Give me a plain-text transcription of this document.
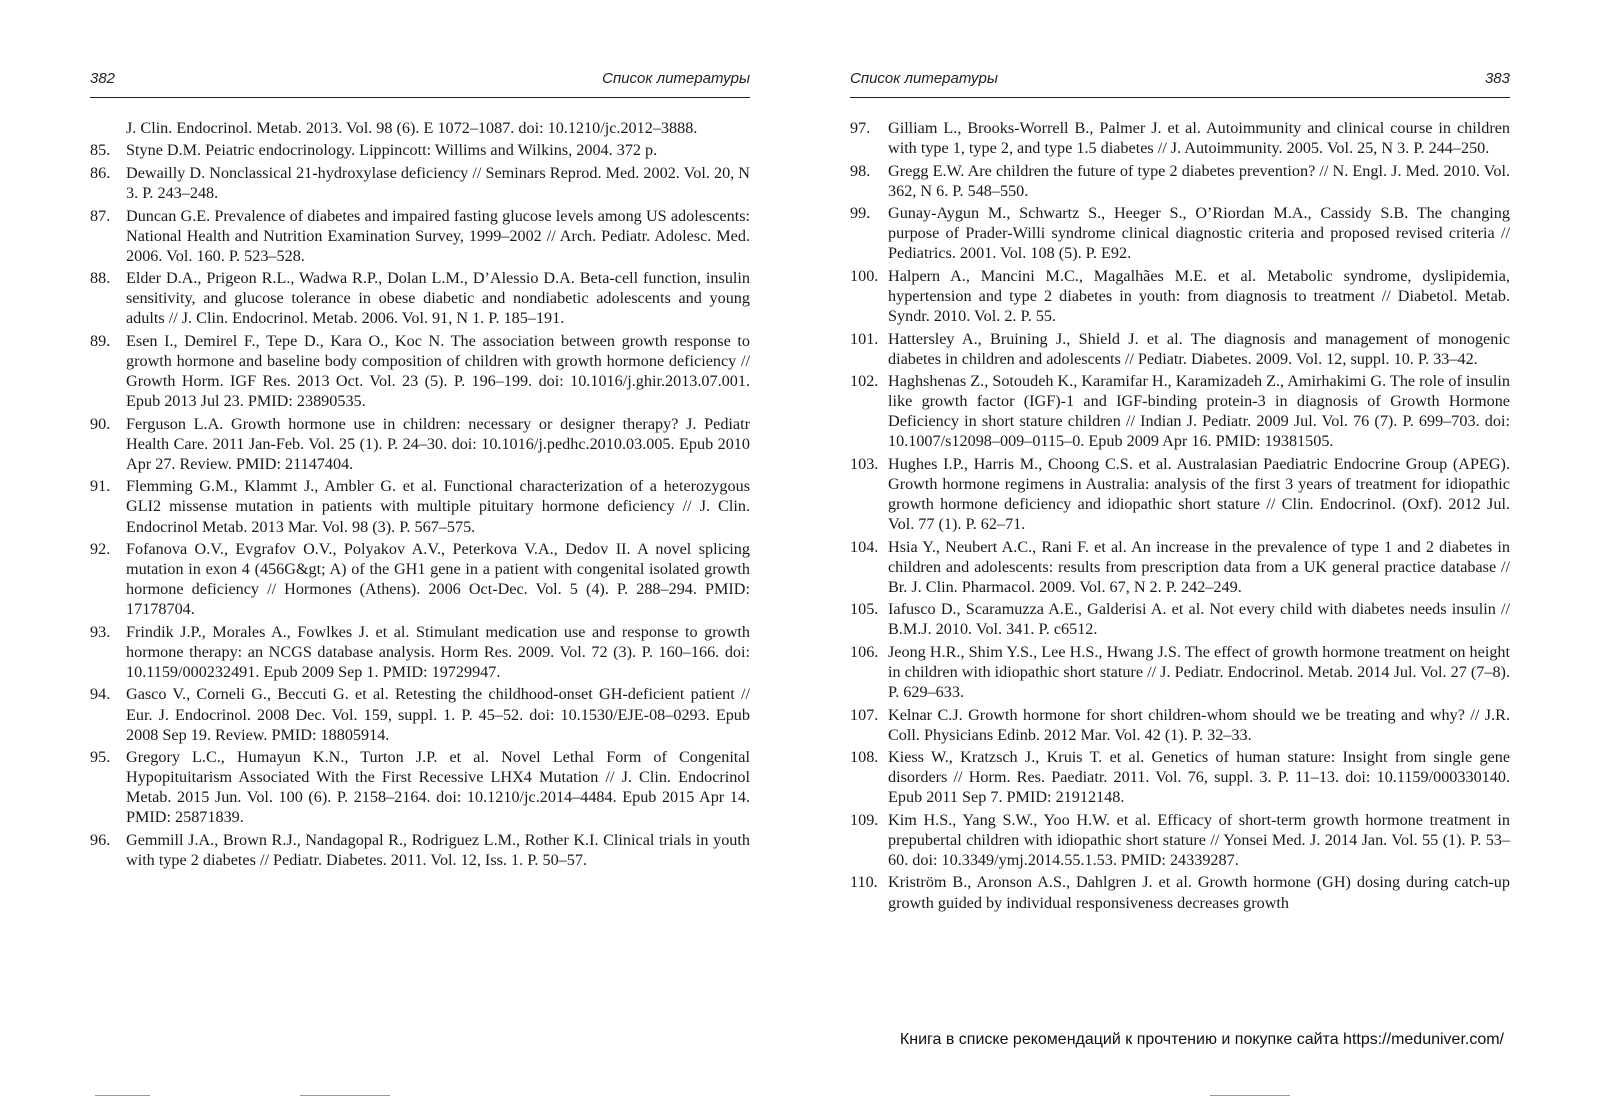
382	Список литературы
J. Clin. Endocrinol. Metab. 2013. Vol. 98 (6). E 1072–1087. doi: 10.1210/jc.2012–3888.
85. Styne D.M. Peiatric endocrinology. Lippincott: Willims and Wilkins, 2004. 372 p.
86. Dewailly D. Nonclassical 21-hydroxylase deficiency // Seminars Reprod. Med. 2002. Vol. 20, N 3. P. 243–248.
87. Duncan G.E. Prevalence of diabetes and impaired fasting glucose levels among US adolescents: National Health and Nutrition Examination Survey, 1999–2002 // Arch. Pediatr. Adolesc. Med. 2006. Vol. 160. P. 523–528.
88. Elder D.A., Prigeon R.L., Wadwa R.P., Dolan L.M., D’Alessio D.A. Beta-cell function, insulin sensitivity, and glucose tolerance in obese diabetic and nondiabetic adolescents and young adults // J. Clin. Endocrinol. Metab. 2006. Vol. 91, N 1. P. 185–191.
89. Esen I., Demirel F., Tepe D., Kara O., Koc N. The association between growth response to growth hormone and baseline body composition of children with growth hormone deficiency // Growth Horm. IGF Res. 2013 Oct. Vol. 23 (5). P. 196–199. doi: 10.1016/j.ghir.2013.07.001. Epub 2013 Jul 23. PMID: 23890535.
90. Ferguson L.A. Growth hormone use in children: necessary or designer therapy? J. Pediatr Health Care. 2011 Jan-Feb. Vol. 25 (1). P. 24–30. doi: 10.1016/j.pedhc.2010.03.005. Epub 2010 Apr 27. Review. PMID: 21147404.
91. Flemming G.M., Klammt J., Ambler G. et al. Functional characterization of a heterozygous GLI2 missense mutation in patients with multiple pituitary hormone deficiency // J. Clin. Endocrinol Metab. 2013 Mar. Vol. 98 (3). P. 567–575.
92. Fofanova O.V., Evgrafov O.V., Polyakov A.V., Peterkova V.A., Dedov II. A novel splicing mutation in exon 4 (456G&gt; A) of the GH1 gene in a patient with congenital isolated growth hormone deficiency // Hormones (Athens). 2006 Oct-Dec. Vol. 5 (4). P. 288–294. PMID: 17178704.
93. Frindik J.P., Morales A., Fowlkes J. et al. Stimulant medication use and response to growth hormone therapy: an NCGS database analysis. Horm Res. 2009. Vol. 72 (3). P. 160–166. doi: 10.1159/000232491. Epub 2009 Sep 1. PMID: 19729947.
94. Gasco V., Corneli G., Beccuti G. et al. Retesting the childhood-onset GH-deficient patient // Eur. J. Endocrinol. 2008 Dec. Vol. 159, suppl. 1. P. 45–52. doi: 10.1530/EJE-08–0293. Epub 2008 Sep 19. Review. PMID: 18805914.
95. Gregory L.C., Humayun K.N., Turton J.P. et al. Novel Lethal Form of Congenital Hypopituitarism Associated With the First Recessive LHX4 Mutation // J. Clin. Endocrinol Metab. 2015 Jun. Vol. 100 (6). P. 2158–2164. doi: 10.1210/jc.2014–4484. Epub 2015 Apr 14. PMID: 25871839.
96. Gemmill J.A., Brown R.J., Nandagopal R., Rodriguez L.M., Rother K.I. Clinical trials in youth with type 2 diabetes // Pediatr. Diabetes. 2011. Vol. 12, Iss. 1. P. 50–57.
Список литературы	383
97.	Gilliam L., Brooks-Worrell B., Palmer J. et al. Autoimmunity and clinical course in children with type 1, type 2, and type 1.5 diabetes // J. Autoimmunity. 2005. Vol. 25, N 3. P. 244–250.
98.	Gregg E.W. Are children the future of type 2 diabetes prevention? // N. Engl. J. Med. 2010. Vol. 362, N 6. P. 548–550.
99.	Gunay-Aygun M., Schwartz S., Heeger S., O’Riordan M.A., Cassidy S.B. The changing purpose of Prader-Willi syndrome clinical diagnostic criteria and proposed revised criteria // Pediatrics. 2001. Vol. 108 (5). P. E92.
100. Halpern A., Mancini M.C., Magalhães M.E. et al. Metabolic syndrome, dyslipidemia, hypertension and type 2 diabetes in youth: from diagnosis to treatment // Diabetol. Metab. Syndr. 2010. Vol. 2. P. 55.
101. Hattersley A., Bruining J., Shield J. et al. The diagnosis and management of monogenic diabetes in children and adolescents // Pediatr. Diabetes. 2009. Vol. 12, suppl. 10. P. 33–42.
102. Haghshenas Z., Sotoudeh K., Karamifar H., Karamizadeh Z., Amirhakimi G. The role of insulin like growth factor (IGF)-1 and IGF-binding protein-3 in diagnosis of Growth Hormone Deficiency in short stature children // Indian J. Pediatr. 2009 Jul. Vol. 76 (7). P. 699–703. doi: 10.1007/s12098–009–0115–0. Epub 2009 Apr 16. PMID: 19381505.
103. Hughes I.P., Harris M., Choong C.S. et al. Australasian Paediatric Endocrine Group (APEG). Growth hormone regimens in Australia: analysis of the first 3 years of treatment for idiopathic growth hormone deficiency and idiopathic short stature // Clin. Endocrinol. (Oxf). 2012 Jul. Vol. 77 (1). P. 62–71.
104. Hsia Y., Neubert A.C., Rani F. et al. An increase in the prevalence of type 1 and 2 diabetes in children and adolescents: results from prescription data from a UK general practice database // Br. J. Clin. Pharmacol. 2009. Vol. 67, N 2. P. 242–249.
105. Iafusco D., Scaramuzza A.E., Galderisi A. et al. Not every child with diabetes needs insulin // B.M.J. 2010. Vol. 341. P. c6512.
106. Jeong H.R., Shim Y.S., Lee H.S., Hwang J.S. The effect of growth hormone treatment on height in children with idiopathic short stature // J. Pediatr. Endocrinol. Metab. 2014 Jul. Vol. 27 (7–8). P. 629–633.
107. Kelnar C.J. Growth hormone for short children-whom should we be treating and why? // J.R. Coll. Physicians Edinb. 2012 Mar. Vol. 42 (1). P. 32–33.
108. Kiess W., Kratzsch J., Kruis T. et al. Genetics of human stature: Insight from single gene disorders // Horm. Res. Paediatr. 2011. Vol. 76, suppl. 3. P. 11–13. doi: 10.1159/000330140. Epub 2011 Sep 7. PMID: 21912148.
109. Kim H.S., Yang S.W., Yoo H.W. et al. Efficacy of short-term growth hormone treatment in prepubertal children with idiopathic short stature // Yonsei Med. J. 2014 Jan. Vol. 55 (1). P. 53–60. doi: 10.3349/ymj.2014.55.1.53. PMID: 24339287.
110. Kriström B., Aronson A.S., Dahlgren J. et al. Growth hormone (GH) dosing during catch-up growth guided by individual responsiveness decreases growth
Книга в списке рекомендаций к прочтению и покупке сайта https://meduniver.com/
